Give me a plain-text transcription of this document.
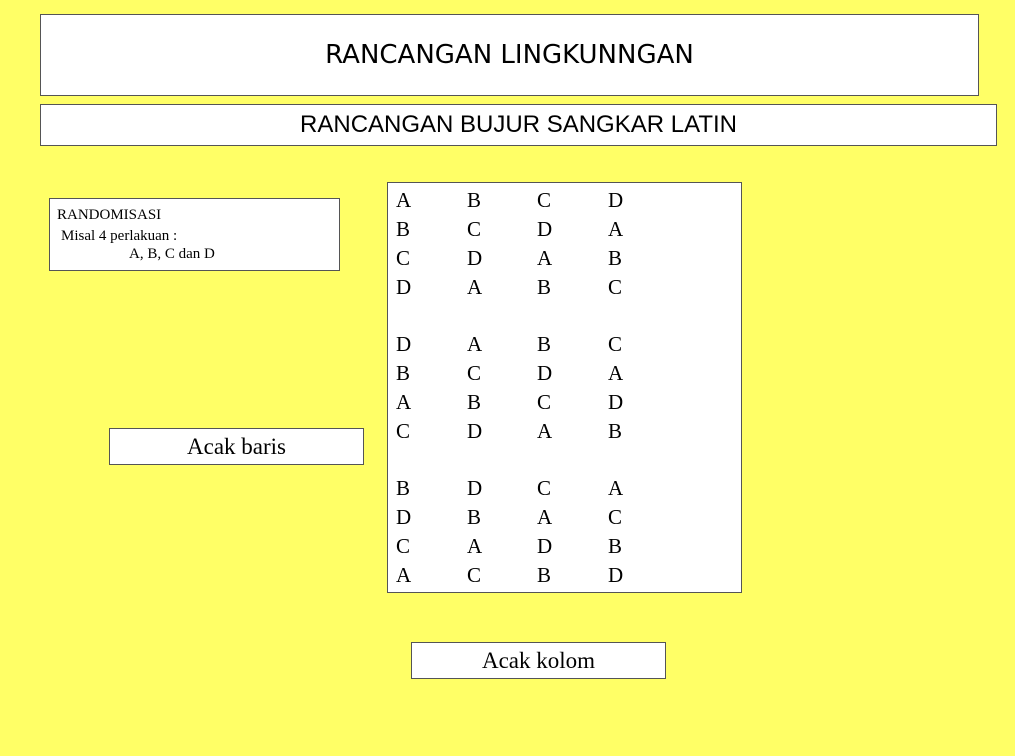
RANCANGAN LINGKUNNGAN
RANCANGAN BUJUR SANGKAR LATIN
RANDOMISASI
Misal 4 perlakuan :
A, B, C dan D
Acak baris
Acak kolom
A	B	C	D
B	C	D	A
C	D	A	B
D	A	B	C
D	A	B	C
B	C	D	A
A	B	C	D
C	D	A	B
B	D	C	A
D	B	A	C
C	A	D	B
A	C	B	D
